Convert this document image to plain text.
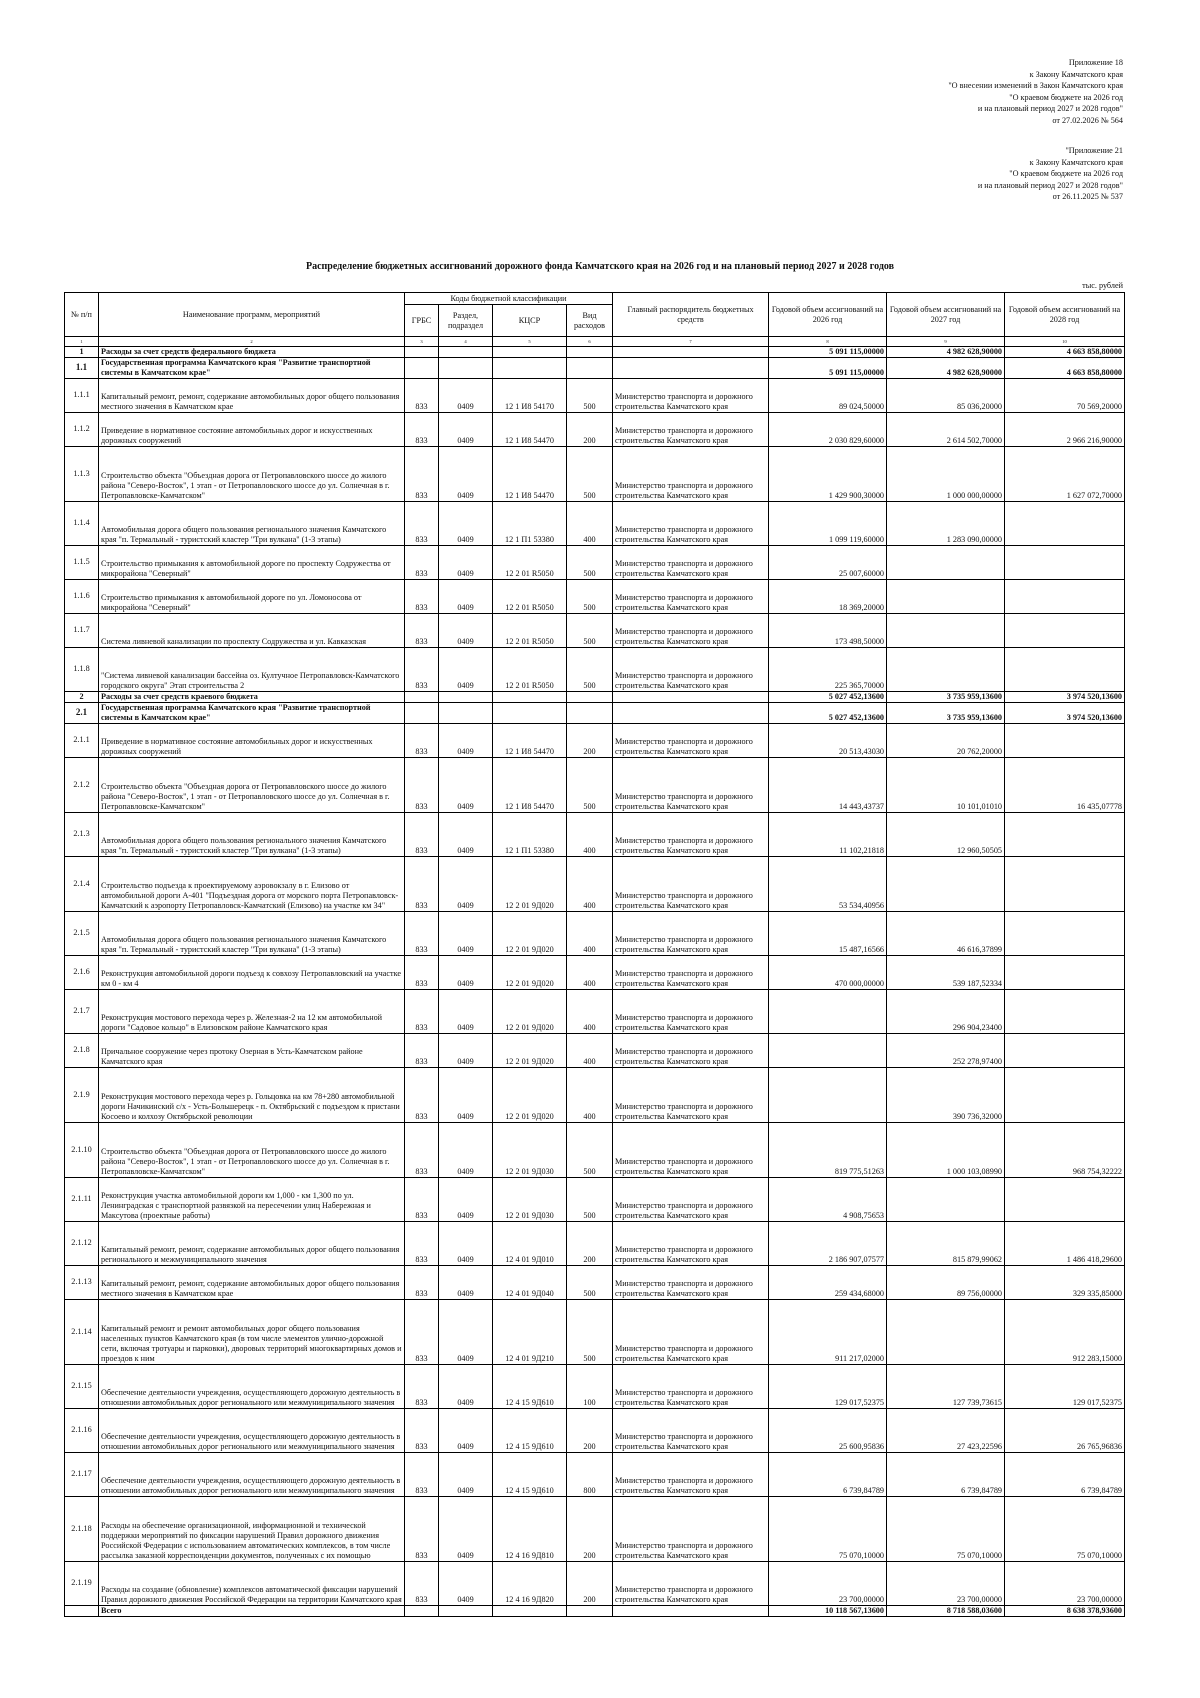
Приложение 18
к Закону Камчатского края
"О внесении изменений в Закон Камчатского края
"О краевом бюджете на 2026 год
и на плановый период 2027 и 2028 годов"
от 27.02.2026 № 564
"Приложение 21
к Закону Камчатского края
"О краевом бюджете на 2026 год
и на плановый период 2027 и 2028 годов"
от 26.11.2025 № 537
Распределение бюджетных ассигнований дорожного фонда Камчатского края на 2026 год и на плановый период 2027 и 2028 годов
тыс. рублей
№ п/п	Наименование программ, мероприятий	Коды бюджетной классификации				Главный распорядитель бюджетных средств	Годовой объем ассигнований на 2026 год	Годовой объем ассигнований на 2027 год	Годовой объем ассигнований на 2028 год
		ГРБС	Раздел, подраздел	КЦСР	Вид расходов				
1	2	3	4	5	6	7	8	9	10
1	Расходы за счет средств федерального бюджета						5 091 115,00000	4 982 628,90000	4 663 858,80000
1.1	Государственная программа Камчатского края "Развитие транспортной системы в Камчатском крае"						5 091 115,00000	4 982 628,90000	4 663 858,80000
1.1.1	Капитальный ремонт, ремонт, содержание автомобильных дорог общего пользования местного значения в Камчатском крае	833	0409	12 1 И8 54170	500	Министерство транспорта и дорожного строительства Камчатского края	89 024,50000	85 036,20000	70 569,20000
1.1.2	Приведение в нормативное состояние автомобильных дорог и искусственных дорожных сооружений	833	0409	12 1 И8 54470	200	Министерство транспорта и дорожного строительства Камчатского края	2 030 829,60000	2 614 502,70000	2 966 216,90000
1.1.3	Строительство объекта "Объездная дорога от Петропавловского шоссе до жилого района "Северо-Восток", 1 этап - от Петропавловского шоссе до ул. Солнечная в г. Петропавловске-Камчатском"	833	0409	12 1 И8 54470	500	Министерство транспорта и дорожного строительства Камчатского края	1 429 900,30000	1 000 000,00000	1 627 072,70000
1.1.4	Автомобильная дорога общего пользования регионального значения Камчатского края "п. Термальный - туристский кластер "Три вулкана" (1-3 этапы)	833	0409	12 1 П1 53380	400	Министерство транспорта и дорожного строительства Камчатского края	1 099 119,60000	1 283 090,00000	
1.1.5	Строительство примыкания к автомобильной дороге по проспекту Содружества от микрорайона "Северный"	833	0409	12 2 01 R5050	500	Министерство транспорта и дорожного строительства Камчатского края	25 007,60000		
1.1.6	Строительство примыкания к автомобильной дороге по ул. Ломоносова от микрорайона "Северный"	833	0409	12 2 01 R5050	500	Министерство транспорта и дорожного строительства Камчатского края	18 369,20000		
1.1.7	Система ливневой канализации по проспекту Содружества и ул. Кавказская	833	0409	12 2 01 R5050	500	Министерство транспорта и дорожного строительства Камчатского края	173 498,50000		
1.1.8	"Система ливневой канализации бассейна оз. Култучное Петропавловск-Камчатского городского округа" Этап строительства 2	833	0409	12 2 01 R5050	500	Министерство транспорта и дорожного строительства Камчатского края	225 365,70000		
2	Расходы за счет средств краевого бюджета						5 027 452,13600	3 735 959,13600	3 974 520,13600
2.1	Государственная программа Камчатского края "Развитие транспортной системы в Камчатском крае"						5 027 452,13600	3 735 959,13600	3 974 520,13600
2.1.1	Приведение в нормативное состояние автомобильных дорог и искусственных дорожных сооружений	833	0409	12 1 И8 54470	200	Министерство транспорта и дорожного строительства Камчатского края	20 513,43030	20 762,20000	
2.1.2	Строительство объекта "Объездная дорога от Петропавловского шоссе до жилого района "Северо-Восток", 1 этап - от Петропавловского шоссе до ул. Солнечная в г. Петропавловске-Камчатском"	833	0409	12 1 И8 54470	500	Министерство транспорта и дорожного строительства Камчатского края	14 443,43737	10 101,01010	16 435,07778
2.1.3	Автомобильная дорога общего пользования регионального значения Камчатского края "п. Термальный - туристский кластер "Три вулкана" (1-3 этапы)	833	0409	12 1 П1 53380	400	Министерство транспорта и дорожного строительства Камчатского края	11 102,21818	12 960,50505	
2.1.4	Строительство подъезда к проектируемому аэровокзалу в г. Елизово от автомобильной дороги А-401 "Подъездная дорога от морского порта Петропавловск-Камчатский к аэропорту Петропавловск-Камчатский (Елизово) на участке км 34"	833	0409	12 2 01 9Д020	400	Министерство транспорта и дорожного строительства Камчатского края	53 534,40956		
2.1.5	Автомобильная дорога общего пользования регионального значения Камчатского края "п. Термальный - туристский кластер "Три вулкана" (1-3 этапы)	833	0409	12 2 01 9Д020	400	Министерство транспорта и дорожного строительства Камчатского края	15 487,16566	46 616,37899	
2.1.6	Реконструкция автомобильной дороги подъезд к совхозу Петропавловский на участке км 0 - км 4	833	0409	12 2 01 9Д020	400	Министерство транспорта и дорожного строительства Камчатского края	470 000,00000	539 187,52334	
2.1.7	Реконструкция мостового перехода через р. Железная-2 на 12 км автомобильной дороги "Садовое кольцо" в Елизовском районе Камчатского края	833	0409	12 2 01 9Д020	400	Министерство транспорта и дорожного строительства Камчатского края		296 904,23400	
2.1.8	Причальное сооружение через протоку Озерная в Усть-Камчатском районе Камчатского края	833	0409	12 2 01 9Д020	400	Министерство транспорта и дорожного строительства Камчатского края		252 278,97400	
2.1.9	Реконструкция мостового перехода через р. Гольцовка на км 78+280 автомобильной дороги Начикинский с/х - Усть-Большерецк - п. Октябрьский с подъездом к пристани Косоево и колхозу Октябрьской революции	833	0409	12 2 01 9Д020	400	Министерство транспорта и дорожного строительства Камчатского края		390 736,32000	
2.1.10	Строительство объекта "Объездная дорога от Петропавловского шоссе до жилого района "Северо-Восток", 1 этап - от Петропавловского шоссе до ул. Солнечная в г. Петропавловске-Камчатском"	833	0409	12 2 01 9Д030	500	Министерство транспорта и дорожного строительства Камчатского края	819 775,51263	1 000 103,08990	968 754,32222
2.1.11	Реконструкция участка автомобильной дороги км 1,000 - км 1,300 по ул. Ленинградская с транспортной развязкой на пересечении улиц Набережная и Максутова (проектные работы)	833	0409	12 2 01 9Д030	500	Министерство транспорта и дорожного строительства Камчатского края	4 908,75653		
2.1.12	Капитальный ремонт, ремонт, содержание автомобильных дорог общего пользования регионального и межмуниципального значения	833	0409	12 4 01 9Д010	200	Министерство транспорта и дорожного строительства Камчатского края	2 186 907,07577	815 879,99062	1 486 418,29600
2.1.13	Капитальный ремонт, ремонт, содержание автомобильных дорог общего пользования местного значения в Камчатском крае	833	0409	12 4 01 9Д040	500	Министерство транспорта и дорожного строительства Камчатского края	259 434,68000	89 756,00000	329 335,85000
2.1.14	Капитальный ремонт и ремонт автомобильных дорог общего пользования населенных пунктов Камчатского края (в том числе элементов улично-дорожной сети, включая тротуары и парковки), дворовых территорий многоквартирных домов и проездов к ним	833	0409	12 4 01 9Д210	500	Министерство транспорта и дорожного строительства Камчатского края	911 217,02000		912 283,15000
2.1.15	Обеспечение деятельности учреждения, осуществляющего дорожную деятельность в отношении автомобильных дорог регионального или межмуниципального значения	833	0409	12 4 15 9Д610	100	Министерство транспорта и дорожного строительства Камчатского края	129 017,52375	127 739,73615	129 017,52375
2.1.16	Обеспечение деятельности учреждения, осуществляющего дорожную деятельность в отношении автомобильных дорог регионального или межмуниципального значения	833	0409	12 4 15 9Д610	200	Министерство транспорта и дорожного строительства Камчатского края	25 600,95836	27 423,22596	26 765,96836
2.1.17	Обеспечение деятельности учреждения, осуществляющего дорожную деятельность в отношении автомобильных дорог регионального или межмуниципального значения	833	0409	12 4 15 9Д610	800	Министерство транспорта и дорожного строительства Камчатского края	6 739,84789	6 739,84789	6 739,84789
2.1.18	Расходы на обеспечение организационной, информационной и технической поддержки мероприятий по фиксации нарушений Правил дорожного движения Российской Федерации с использованием автоматических комплексов, в том числе рассылка заказной корреспонденции документов, полученных с их помощью	833	0409	12 4 16 9Д810	200	Министерство транспорта и дорожного строительства Камчатского края	75 070,10000	75 070,10000	75 070,10000
2.1.19	Расходы на создание (обновление) комплексов автоматической фиксации нарушений Правил дорожного движения Российской Федерации на территории Камчатского края	833	0409	12 4 16 9Д820	200	Министерство транспорта и дорожного строительства Камчатского края	23 700,00000	23 700,00000	23 700,00000
	Всего						10 118 567,13600	8 718 588,03600	8 638 378,93600
